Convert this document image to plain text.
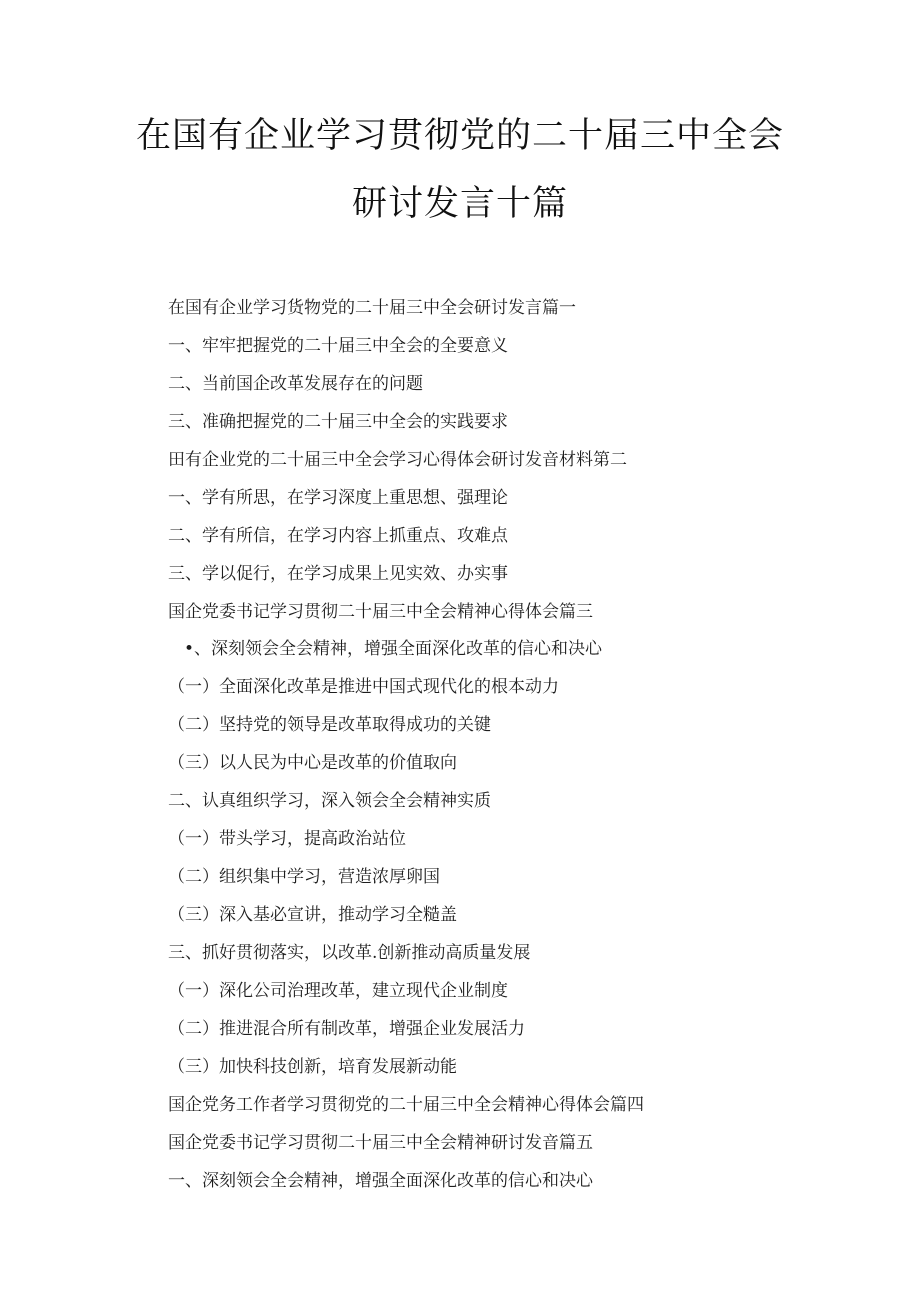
在国有企业学习贯彻党的二十届三中全会
研讨发言十篇
在国有企业学习货物党的二十届三中全会研讨发言篇一
一、牢牢把握党的二十届三中全会的全要意义
二、当前国企改革发展存在的问题
三、准确把握党的二十届三中全会的实践要求
田有企业党的二十届三中全会学习心得体会研讨发音材料第二
一、学有所思，在学习深度上重思想、强理论
二、学有所信，在学习内容上抓重点、攻难点
三、学以促行，在学习成果上见实效、办实事
国企党委书记学习贯彻二十届三中全会精神心得体会篇三
•、深刻领会全会精神，增强全面深化改革的信心和决心
（一）全面深化改革是推进中国式现代化的根本动力
（二）坚持党的领导是改革取得成功的关键
（三）以人民为中心是改革的价值取向
二、认真组织学习，深入领会全会精神实质
（一）带头学习，提高政治站位
（二）组织集中学习，营造浓厚卵国
（三）深入基必宣讲，推动学习全糙盖
三、抓好贯彻落实，以改革.创新推动高质量发展
（一）深化公司治理改革，建立现代企业制度
（二）推进混合所有制改革，增强企业发展活力
（三）加快科技创新，培育发展新动能
国企党务工作者学习贯彻党的二十届三中全会精神心得体会篇四
国企党委书记学习贯彻二十届三中全会精神研讨发音篇五
一、深刻领会全会精神，增强全面深化改革的信心和决心
